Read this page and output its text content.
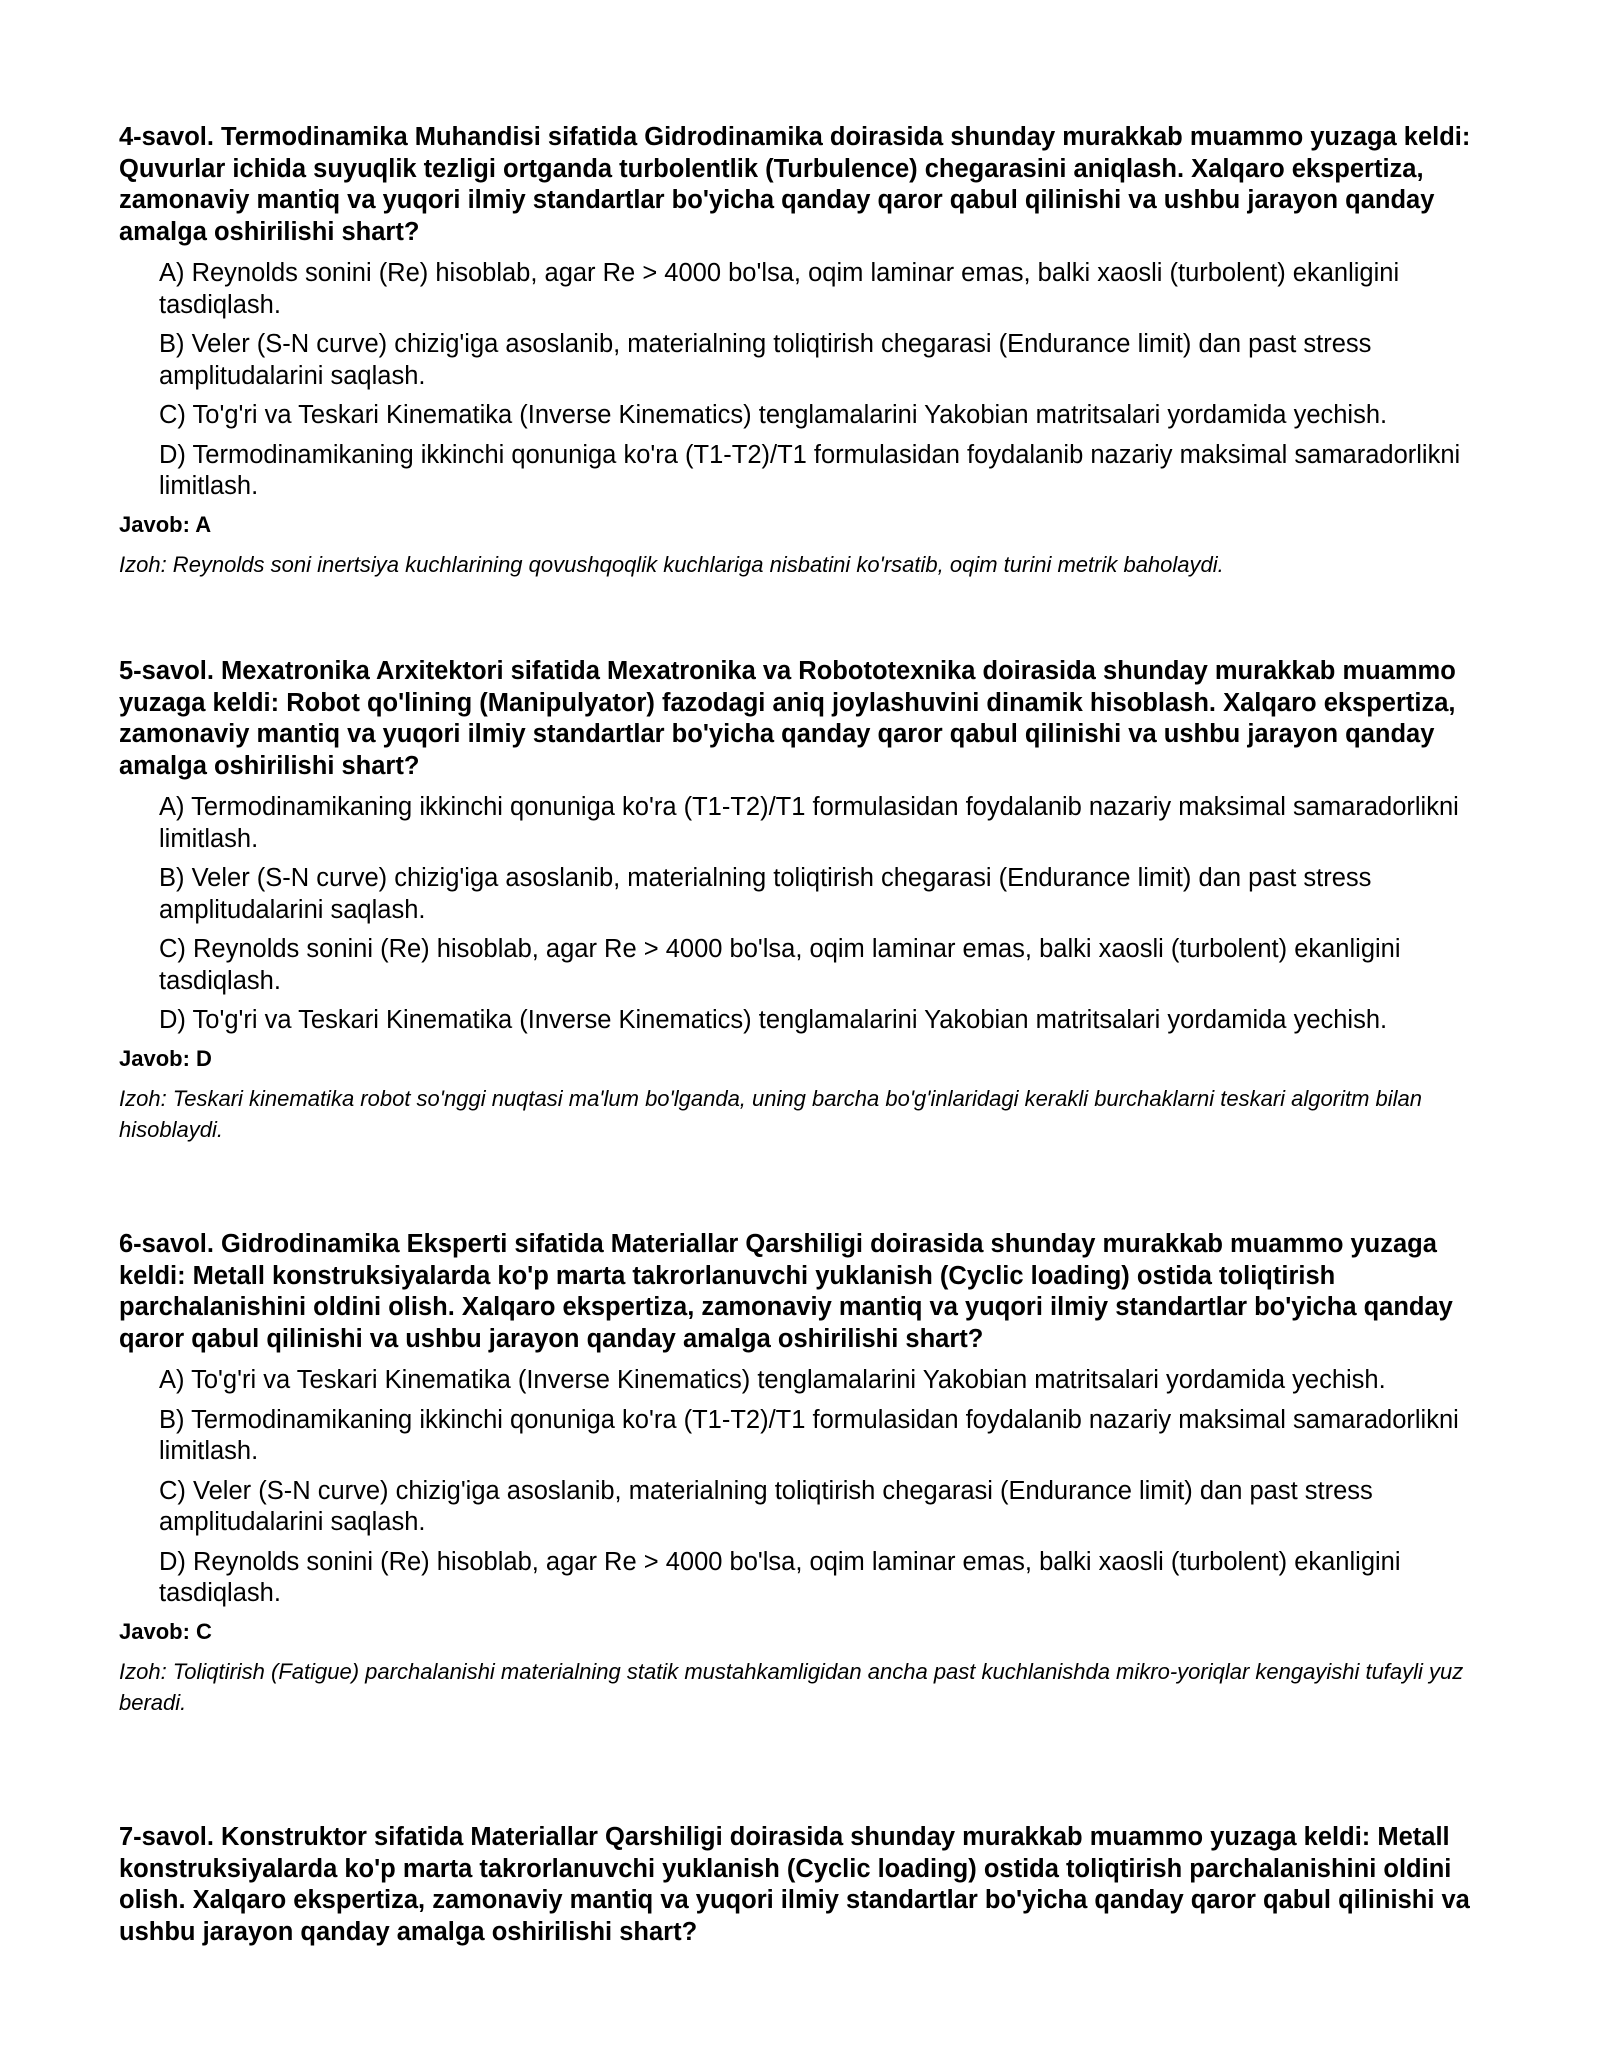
4-savol. Termodinamika Muhandisi sifatida Gidrodinamika doirasida shunday murakkab muammo yuzaga keldi: Quvurlar ichida suyuqlik tezligi ortganda turbolentlik (Turbulence) chegarasini aniqlash. Xalqaro ekspertiza, zamonaviy mantiq va yuqori ilmiy standartlar bo'yicha qanday qaror qabul qilinishi va ushbu jarayon qanday amalga oshirilishi shart?

A) Reynolds sonini (Re) hisoblab, agar Re > 4000 bo'lsa, oqim laminar emas, balki xaosli (turbolent) ekanligini tasdiqlash.

B) Veler (S-N curve) chizig'iga asoslanib, materialning toliqtirish chegarasi (Endurance limit) dan past stress amplitudalarini saqlash.

C) To'g'ri va Teskari Kinematika (Inverse Kinematics) tenglamalarini Yakobian matritsalari yordamida yechish.

D) Termodinamikaning ikkinchi qonuniga ko'ra (T1-T2)/T1 formulasidan foydalanib nazariy maksimal samaradorlikni limitlash.

Javob: A

Izoh: Reynolds soni inertsiya kuchlarining qovushqoqlik kuchlariga nisbatini ko'rsatib, oqim turini metrik baholaydi.

5-savol. Mexatronika Arxitektori sifatida Mexatronika va Robototexnika doirasida shunday murakkab muammo yuzaga keldi: Robot qo'lining (Manipulyator) fazodagi aniq joylashuvini dinamik hisoblash. Xalqaro ekspertiza, zamonaviy mantiq va yuqori ilmiy standartlar bo'yicha qanday qaror qabul qilinishi va ushbu jarayon qanday amalga oshirilishi shart?

A) Termodinamikaning ikkinchi qonuniga ko'ra (T1-T2)/T1 formulasidan foydalanib nazariy maksimal samaradorlikni limitlash.

B) Veler (S-N curve) chizig'iga asoslanib, materialning toliqtirish chegarasi (Endurance limit) dan past stress amplitudalarini saqlash.

C) Reynolds sonini (Re) hisoblab, agar Re > 4000 bo'lsa, oqim laminar emas, balki xaosli (turbolent) ekanligini tasdiqlash.

D) To'g'ri va Teskari Kinematika (Inverse Kinematics) tenglamalarini Yakobian matritsalari yordamida yechish.

Javob: D

Izoh: Teskari kinematika robot so'nggi nuqtasi ma'lum bo'lganda, uning barcha bo'g'inlaridagi kerakli burchaklarni teskari algoritm bilan hisoblaydi.

6-savol. Gidrodinamika Eksperti sifatida Materiallar Qarshiligi doirasida shunday murakkab muammo yuzaga keldi: Metall konstruksiyalarda ko'p marta takrorlanuvchi yuklanish (Cyclic loading) ostida toliqtirish parchalanishini oldini olish. Xalqaro ekspertiza, zamonaviy mantiq va yuqori ilmiy standartlar bo'yicha qanday qaror qabul qilinishi va ushbu jarayon qanday amalga oshirilishi shart?

A) To'g'ri va Teskari Kinematika (Inverse Kinematics) tenglamalarini Yakobian matritsalari yordamida yechish.

B) Termodinamikaning ikkinchi qonuniga ko'ra (T1-T2)/T1 formulasidan foydalanib nazariy maksimal samaradorlikni limitlash.

C) Veler (S-N curve) chizig'iga asoslanib, materialning toliqtirish chegarasi (Endurance limit) dan past stress amplitudalarini saqlash.

D) Reynolds sonini (Re) hisoblab, agar Re > 4000 bo'lsa, oqim laminar emas, balki xaosli (turbolent) ekanligini tasdiqlash.

Javob: C

Izoh: Toliqtirish (Fatigue) parchalanishi materialning statik mustahkamligidan ancha past kuchlanishda mikro-yoriqlar kengayishi tufayli yuz beradi.

7-savol. Konstruktor sifatida Materiallar Qarshiligi doirasida shunday murakkab muammo yuzaga keldi: Metall konstruksiyalarda ko'p marta takrorlanuvchi yuklanish (Cyclic loading) ostida toliqtirish parchalanishini oldini olish. Xalqaro ekspertiza, zamonaviy mantiq va yuqori ilmiy standartlar bo'yicha qanday qaror qabul qilinishi va ushbu jarayon qanday amalga oshirilishi shart?
